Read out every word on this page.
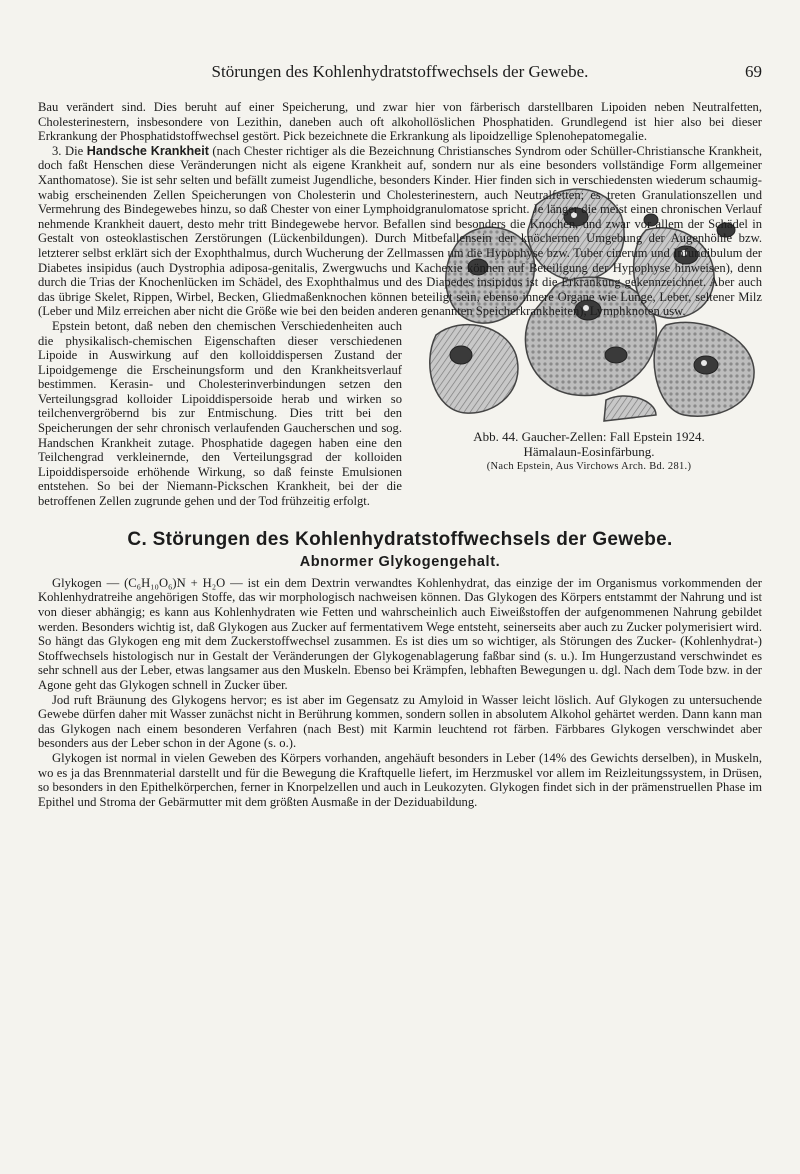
Störungen des Kohlenhydratstoffwechsels der Gewebe.	69

Bau verändert sind. Dies beruht auf einer Speicherung, und zwar hier von färberisch darstellbaren Lipoiden neben Neutralfetten, Cholesterinestern, insbesondere von Lezithin, daneben auch oft alkohollöslichen Phosphatiden. Grundlegend ist hier also bei dieser Erkrankung der Phosphatidstoffwechsel gestört. Pick bezeichnete die Erkrankung als lipoidzellige Splenohepatomegalie.

3. Die Handsche Krankheit (nach Chester richtiger als die Bezeichnung Christiansches Syndrom oder Schüller-Christiansche Krankheit, doch faßt Henschen diese Veränderungen nicht als eigene Krankheit auf, sondern nur als eine besonders vollständige Form allgemeiner Xanthomatose). Sie ist sehr selten und befällt zumeist Jugendliche, besonders Kinder. Hier finden sich in verschiedensten wiederum schaumig-wabig erscheinenden Zellen Speicherungen von Cholesterin und Cholesterinestern, auch Neutralfetten; es treten Granulationszellen und Vermehrung des Bindegewebes hinzu, so daß Chester von einer Lymphoidgranulomatose spricht. Je länger die meist einen chronischen Verlauf nehmende Krankheit dauert, desto mehr tritt Bindegewebe hervor. Befallen sind besonders die Knochen, und zwar vor allem der Schädel in Gestalt von osteoklastischen Zerstörungen (Lückenbildungen). Durch Mitbefallensein der knöchernen Umgebung der Augenhöhle bzw. letzterer selbst erklärt sich der Exophthalmus, durch Wucherung der Zellmassen um die Hypophyse bzw. Tuber cinerum und Infundibulum der Diabetes insipidus (auch Dystrophia adiposa-genitalis, Zwergwuchs und Kachexie können auf Beteiligung der Hypophyse hinweisen), denn durch die Trias der Knochenlücken im Schädel, des Exophthalmus und des Diapedes insipidus ist die Erkrankung gekennzeichnet. Aber auch das übrige Skelet, Rippen, Wirbel, Becken, Gliedmaßenknochen können beteiligt sein, ebenso innere Organe wie Lunge, Leber, seltener Milz (Leber und Milz erreichen aber nicht die Größe wie bei den beiden anderen genannten Speicherkrankheiten), Lymphknoten usw.

Abb. 44. Gaucher-Zellen: Fall Epstein 1924.
Hämalaun-Eosinfärbung.
(Nach Epstein, Aus Virchows Arch. Bd. 281.)

Epstein betont, daß neben den chemischen Verschiedenheiten auch die physikalisch-chemischen Eigenschaften dieser verschiedenen Lipoide in Auswirkung auf den kolloiddispersen Zustand der Lipoidgemenge die Erscheinungsform und den Krankheitsverlauf bestimmen. Kerasin- und Cholesterinverbindungen setzen den Verteilungsgrad kolloider Lipoiddispersoide herab und wirken so teilchenvergröbernd bis zur Entmischung. Dies tritt bei den Speicherungen der sehr chronisch verlaufenden Gaucherschen und sog. Handschen Krankheit zutage. Phosphatide dagegen haben eine den Teilchengrad verkleinernde, den Verteilungsgrad der kolloiden Lipoiddispersoide erhöhende Wirkung, so daß feinste Emulsionen entstehen. So bei der Niemann-Pickschen Krankheit, bei der die betroffenen Zellen zugrunde gehen und der Tod frühzeitig erfolgt.

C. Störungen des Kohlenhydratstoffwechsels der Gewebe.
Abnormer Glykogengehalt.

Glykogen — (C₆H₁₀O₆)N + H₂O — ist ein dem Dextrin verwandtes Kohlenhydrat, das einzige der im Organismus vorkommenden der Kohlenhydratreihe angehörigen Stoffe, das wir morphologisch nachweisen können. Das Glykogen des Körpers entstammt der Nahrung und ist von dieser abhängig; es kann aus Kohlenhydraten wie Fetten und wahrscheinlich auch Eiweißstoffen der aufgenommenen Nahrung gebildet werden. Besonders wichtig ist, daß Glykogen aus Zucker auf fermentativem Wege entsteht, seinerseits aber auch zu Zucker polymerisiert wird. So hängt das Glykogen eng mit dem Zuckerstoffwechsel zusammen. Es ist dies um so wichtiger, als Störungen des Zucker- (Kohlenhydrat-) Stoffwechsels histologisch nur in Gestalt der Veränderungen der Glykogenablagerung faßbar sind (s. u.). Im Hungerzustand verschwindet es sehr schnell aus der Leber, etwas langsamer aus den Muskeln. Ebenso bei Krämpfen, lebhaften Bewegungen u. dgl. Nach dem Tode bzw. in der Agone geht das Glykogen schnell in Zucker über.

Jod ruft Bräunung des Glykogens hervor; es ist aber im Gegensatz zu Amyloid in Wasser leicht löslich. Auf Glykogen zu untersuchende Gewebe dürfen daher mit Wasser zunächst nicht in Berührung kommen, sondern sollen in absolutem Alkohol gehärtet werden. Dann kann man das Glykogen nach einem besonderen Verfahren (nach Best) mit Karmin leuchtend rot färben. Färbbares Glykogen verschwindet aber besonders aus der Leber schon in der Agone (s. o.).

Glykogen ist normal in vielen Geweben des Körpers vorhanden, angehäuft besonders in Leber (14% des Gewichts derselben), in Muskeln, wo es ja das Brennmaterial darstellt und für die Bewegung die Kraftquelle liefert, im Herzmuskel vor allem im Reizleitungssystem, in Drüsen, so besonders in den Epithelkörperchen, ferner in Knorpelzellen und auch in Leukozyten. Glykogen findet sich in der prämenstruellen Phase im Epithel und Stroma der Gebärmutter mit dem größten Ausmaße in der Deziduabildung.
